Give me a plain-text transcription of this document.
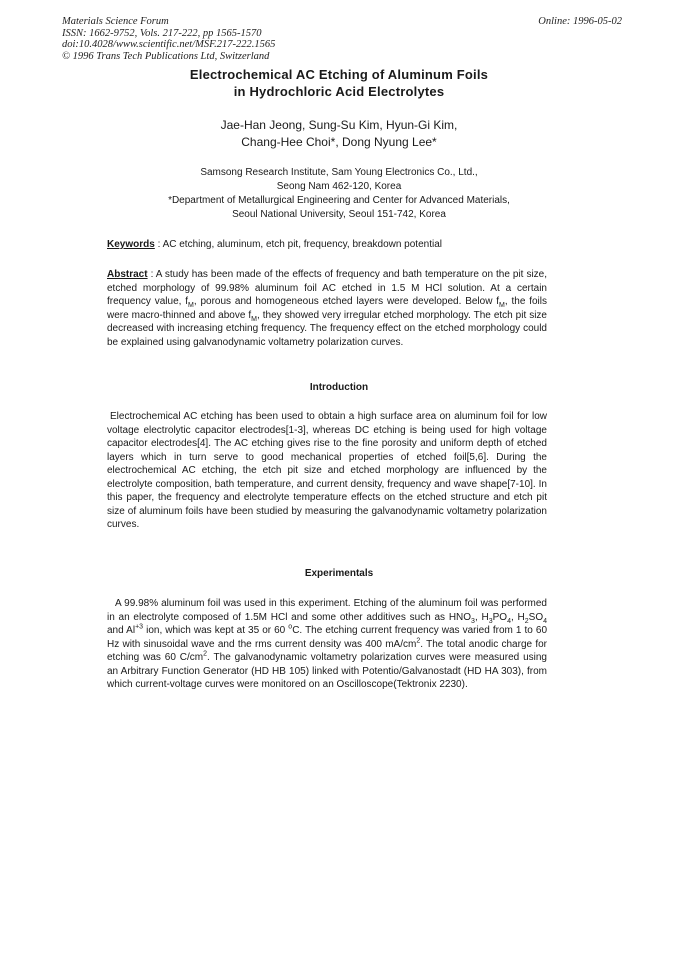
Materials Science Forum
ISSN: 1662-9752, Vols. 217-222, pp 1565-1570
doi:10.4028/www.scientific.net/MSF.217-222.1565
© 1996 Trans Tech Publications Ltd, Switzerland
Online: 1996-05-02
Electrochemical AC Etching of Aluminum Foils
in Hydrochloric Acid Electrolytes
Jae-Han Jeong, Sung-Su Kim, Hyun-Gi Kim,
Chang-Hee Choi*, Dong Nyung Lee*
Samsong Research Institute, Sam Young Electronics Co., Ltd.,
Seong Nam 462-120, Korea
*Department of Metallurgical Engineering and Center for Advanced Materials,
Seoul National University, Seoul 151-742, Korea
Keywords : AC etching, aluminum, etch pit, frequency, breakdown potential
Abstract : A study has been made of the effects of frequency and bath temperature on the pit size, etched morphology of 99.98% aluminum foil AC etched in 1.5 M HCl solution. At a certain frequency value, $f_M$, porous and homogeneous etched layers were developed. Below $f_M$, the foils were macro-thinned and above $f_M$, they showed very irregular etched morphology. The etch pit size decreased with increasing etching frequency. The frequency effect on the etched morphology could be explained using galvanodynamic voltametry polarization curves.
Introduction
Electrochemical AC etching has been used to obtain a high surface area on aluminum foil for low voltage electrolytic capacitor electrodes[1-3], whereas DC etching is being used for high voltage capacitor electrodes[4]. The AC etching gives rise to the fine porosity and uniform depth of etched layers which in turn serve to good mechanical properties of etched foil[5,6]. During the electrochemical AC etching, the etch pit size and etched morphology are influenced by the electrolyte composition, bath temperature, and current density, frequency and wave shape[7-10]. In this paper, the frequency and electrolyte temperature effects on the etched structure and etch pit size of aluminum foils have been studied by measuring the galvanodynamic voltametry polarization curves.
Experimentals
A 99.98% aluminum foil was used in this experiment. Etching of the aluminum foil was performed in an electrolyte composed of 1.5M HCl and some other additives such as $HNO_3$, $H_3PO_4$, $H_2SO_4$ and $Al^{+3}$ ion, which was kept at 35 or 60 $^o$C. The etching current frequency was varied from 1 to 60 Hz with sinusoidal wave and the rms current density was 400 $mA/cm^2$. The total anodic charge for etching was 60 $C/cm^2$. The galvanodynamic voltametry polarization curves were measured using an Arbitrary Function Generator (HD HB 105) linked with Potentio/Galvanostadt (HD HA 303), from which current-voltage curves were monitored on an Oscilloscope(Tektronix 2230).
